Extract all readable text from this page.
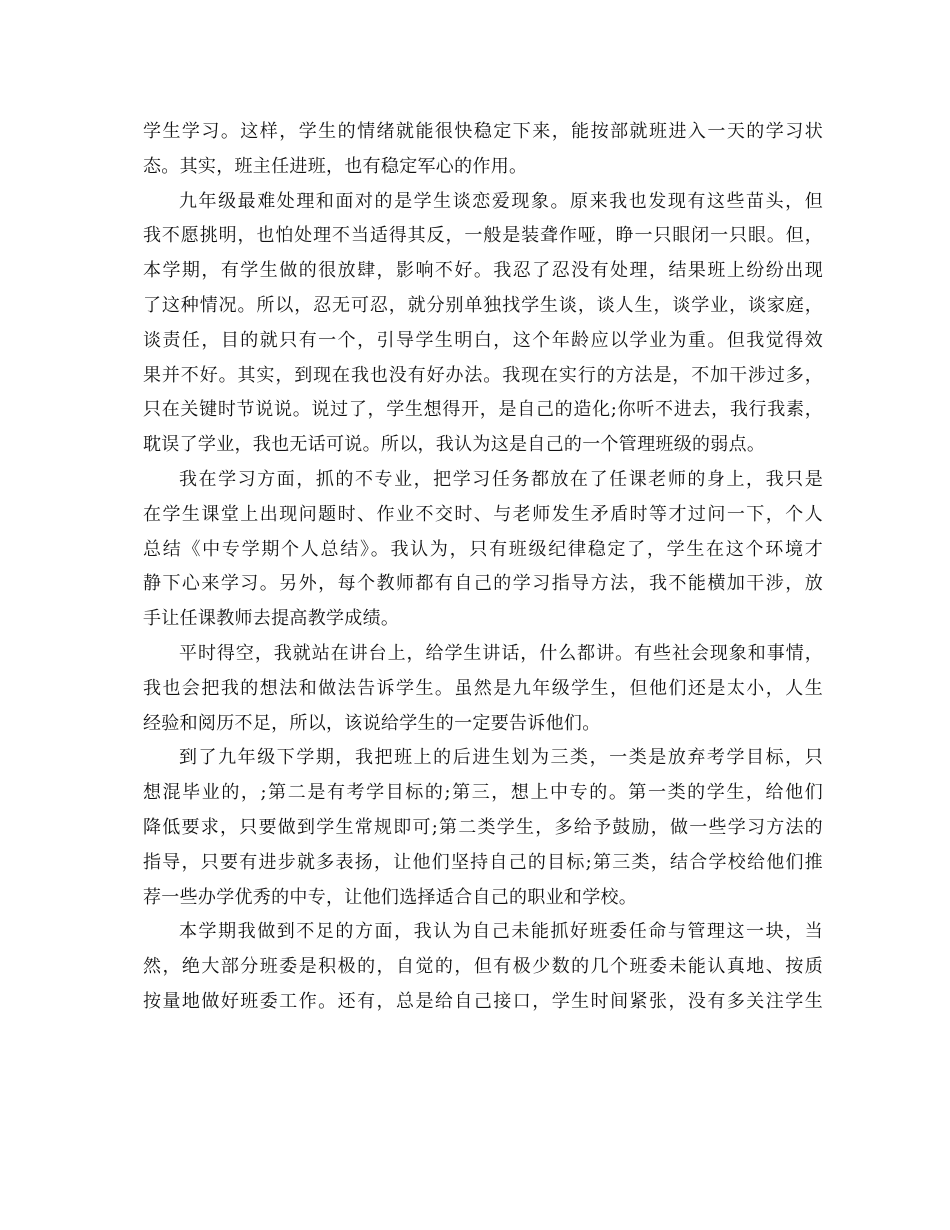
学生学习。这样，学生的情绪就能很快稳定下来，能按部就班进入一天的学习状
态。其实，班主任进班，也有稳定军心的作用。
九年级最难处理和面对的是学生谈恋爱现象。原来我也发现有这些苗头，但
我不愿挑明，也怕处理不当适得其反，一般是装聋作哑，睁一只眼闭一只眼。但，
本学期，有学生做的很放肆，影响不好。我忍了忍没有处理，结果班上纷纷出现
了这种情况。所以，忍无可忍，就分别单独找学生谈，谈人生，谈学业，谈家庭，
谈责任，目的就只有一个，引导学生明白，这个年龄应以学业为重。但我觉得效
果并不好。其实，到现在我也没有好办法。我现在实行的方法是，不加干涉过多，
只在关键时节说说。说过了，学生想得开，是自己的造化;你听不进去，我行我素，
耽误了学业，我也无话可说。所以，我认为这是自己的一个管理班级的弱点。
我在学习方面，抓的不专业，把学习任务都放在了任课老师的身上，我只是
在学生课堂上出现问题时、作业不交时、与老师发生矛盾时等才过问一下，个人
总结《中专学期个人总结》。我认为，只有班级纪律稳定了，学生在这个环境才
静下心来学习。另外，每个教师都有自己的学习指导方法，我不能横加干涉，放
手让任课教师去提高教学成绩。
平时得空，我就站在讲台上，给学生讲话，什么都讲。有些社会现象和事情，
我也会把我的想法和做法告诉学生。虽然是九年级学生，但他们还是太小，人生
经验和阅历不足，所以，该说给学生的一定要告诉他们。
到了九年级下学期，我把班上的后进生划为三类，一类是放弃考学目标，只
想混毕业的，;第二是有考学目标的;第三，想上中专的。第一类的学生，给他们
降低要求，只要做到学生常规即可;第二类学生，多给予鼓励，做一些学习方法的
指导，只要有进步就多表扬，让他们坚持自己的目标;第三类，结合学校给他们推
荐一些办学优秀的中专，让他们选择适合自己的职业和学校。
本学期我做到不足的方面，我认为自己未能抓好班委任命与管理这一块，当
然，绝大部分班委是积极的，自觉的，但有极少数的几个班委未能认真地、按质
按量地做好班委工作。还有，总是给自己接口，学生时间紧张，没有多关注学生
